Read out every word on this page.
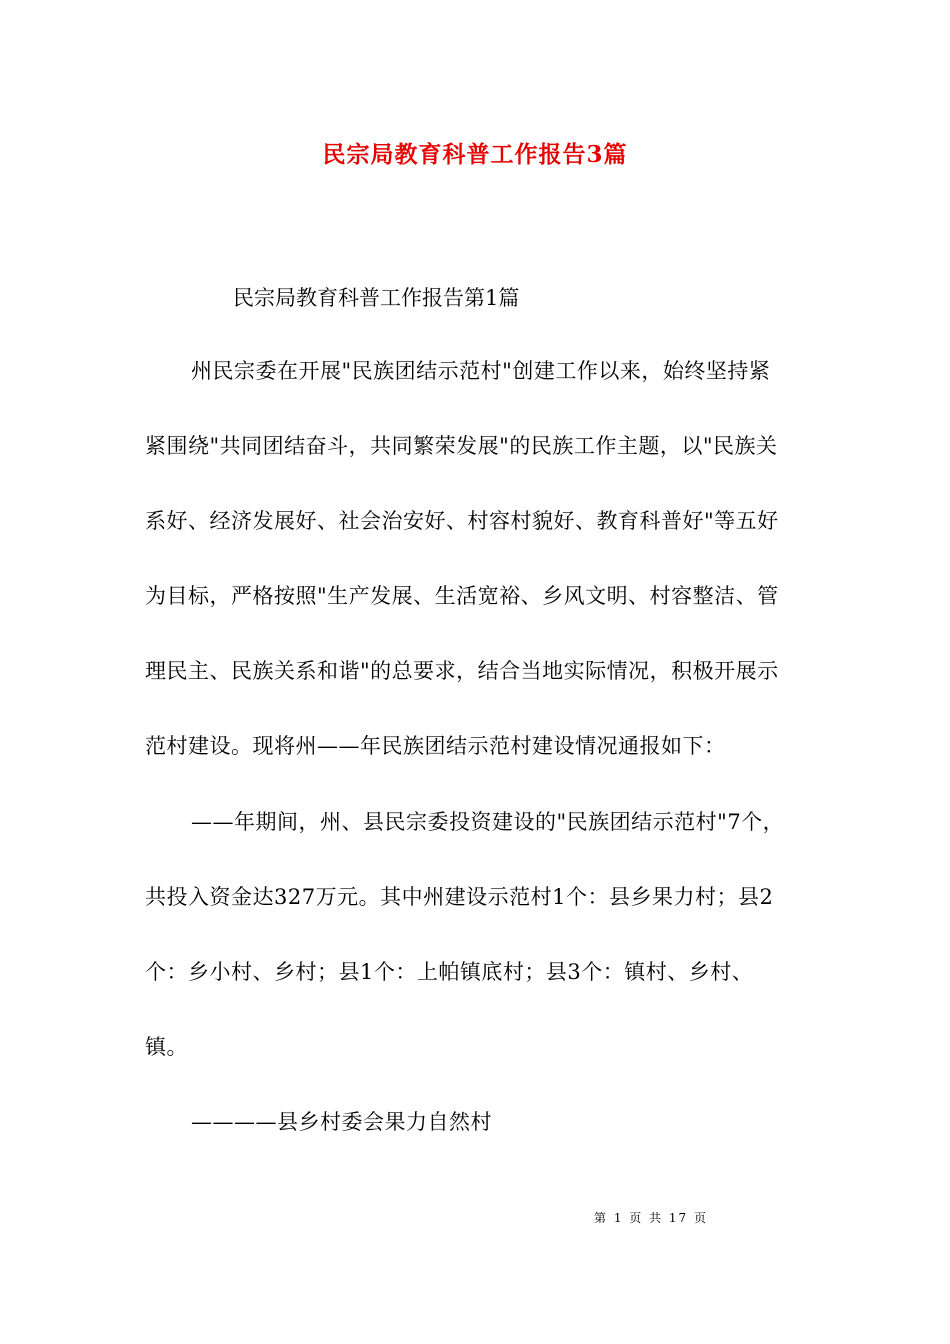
民宗局教育科普工作报告3篇
民宗局教育科普工作报告第1篇
州民宗委在开展"民族团结示范村"创建工作以来，始终坚持紧
紧围绕"共同团结奋斗，共同繁荣发展"的民族工作主题，以"民族关
系好、经济发展好、社会治安好、村容村貌好、教育科普好"等五好
为目标，严格按照"生产发展、生活宽裕、乡风文明、村容整洁、管
理民主、民族关系和谐"的总要求，结合当地实际情况，积极开展示
范村建设。现将州——年民族团结示范村建设情况通报如下：
——年期间，州、县民宗委投资建设的"民族团结示范村"7个，
共投入资金达327万元。其中州建设示范村1个：县乡果力村；县2
个：乡小村、乡村；县1个：上帕镇底村；县3个：镇村、乡村、
镇。
————县乡村委会果力自然村
第 1 页 共 17 页
